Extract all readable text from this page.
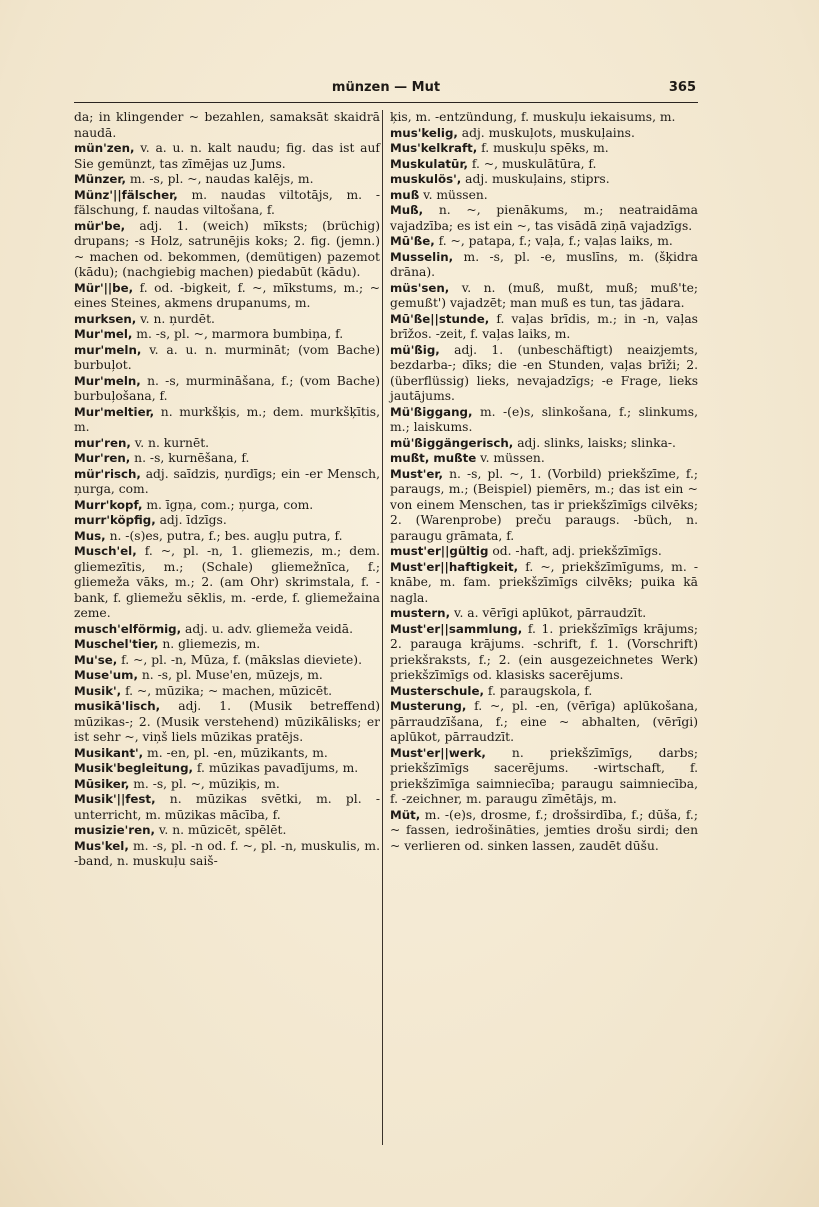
münzen — Mut	365
da; in klingender ~ bezahlen, samaksāt skaidrā naudā.
mün'zen, v. a. u. n. kalt naudu; fig. das ist auf Sie gemünzt, tas zīmējas uz Jums.
Münzer, m. -s, pl. ~, naudas kalējs, m.
Münz'||fälscher, m. naudas viltotājs, m. -fälschung, f. naudas viltošana, f.
mür'be, adj. 1. (weich) mīksts; (brüchig) drupans; -s Holz, satrunējis koks; 2. fig. (jemn.) ~ machen od. bekommen, (demütigen) pazemot (kādu); (nachgiebig machen) piedabūt (kādu).
Mür'||be, f. od. -bigkeit, f. ~, mīkstums, m.; ~ eines Steines, akmens drupanums, m.
murksen, v. n. ņurdēt.
Mur'mel, m. -s, pl. ~, marmora bumbiņa, f.
mur'meln, v. a. u. n. murmināt; (vom Bache) burbuļot.
Mur'meln, n. -s, murmināšana, f.; (vom Bache) burbuļošana, f.
Mur'meltier, n. murkšķis, m.; dem. murkšķītis, m.
mur'ren, v. n. kurnēt.
Mur'ren, n. -s, kurnēšana, f.
mür'risch, adj. saīdzis, ņurdīgs; ein -er Mensch, ņurga, com.
Murr'kopf, m. īgņa, com.; ņurga, com.
murr'köpfig, adj. īdzīgs.
Mus, n. -(s)es, putra, f.; bes. augļu putra, f.
Musch'el, f. ~, pl. -n, 1. gliemezis, m.; dem. gliemezītis, m.; (Schale) gliemežnīca, f.; gliemeža vāks, m.; 2. (am Ohr) skrimstala, f. -bank, f. gliemežu sēklis, m. -erde, f. gliemežaina zeme.
musch'elförmig, adj. u. adv. gliemeža veidā.
Muschel'tier, n. gliemezis, m.
Mu'se, f. ~, pl. -n, Mūza, f. (mākslas dieviete).
Muse'um, n. -s, pl. Muse'en, mūzejs, m.
Musik', f. ~, mūzika; ~ machen, mūzicēt.
musikā'lisch, adj. 1. (Musik betreffend) mūzikas-; 2. (Musik verstehend) mūzikālisks; er ist sehr ~, viņš liels mūzikas pratējs.
Musikant', m. -en, pl. -en, mūzikants, m.
Musik'begleitung, f. mūzikas pavadījums, m.
Mūsiker, m. -s, pl. ~, mūziķis, m.
Musik'||fest, n. mūzikas svētki, m. pl. -unterricht, m. mūzikas mācība, f.
musizie'ren, v. n. mūzicēt, spēlēt.
Mus'kel, m. -s, pl. -n od. f. ~, pl. -n, muskulis, m. -band, n. muskuļu saiš-
ķis, m. -entzündung, f. muskuļu iekaisums, m.
mus'kelig, adj. muskuļots, muskuļains.
Mus'kelkraft, f. muskuļu spēks, m.
Muskulatūr, f. ~, muskulātūra, f.
muskulös', adj. muskuļains, stiprs.
muß v. müssen.
Muß, n. ~, pienākums, m.; neatraidāma vajadzība; es ist ein ~, tas visādā ziņā vajadzīgs.
Mū'ße, f. ~, patapa, f.; vaļa, f.; vaļas laiks, m.
Musselin, m. -s, pl. -e, muslīns, m. (šķidra drāna).
müs'sen, v. n. (muß, mußt, muß; muß'te; gemußt') vajadzēt; man muß es tun, tas jādara.
Mū'ße||stunde, f. vaļas brīdis, m.; in -n, vaļas brīžos. -zeit, f. vaļas laiks, m.
mü'ßig, adj. 1. (unbeschäftigt) neaizjemts, bezdarba-; dīks; die -en Stunden, vaļas brīži; 2. (überflüssig) lieks, nevajadzīgs; -e Frage, lieks jautājums.
Mü'ßiggang, m. -(e)s, slinkošana, f.; slinkums, m.; laiskums.
mü'ßiggängerisch, adj. slinks, laisks; slinka-.
mußt, mußte v. müssen.
Must'er, n. -s, pl. ~, 1. (Vorbild) priekšzīme, f.; paraugs, m.; (Beispiel) piemērs, m.; das ist ein ~ von einem Menschen, tas ir priekšzīmīgs cilvēks; 2. (Warenprobe) preču paraugs. -büch, n. paraugu grāmata, f.
must'er||gültig od. -haft, adj. priekšzīmīgs.
Must'er||haftigkeit, f. ~, priekšzīmīgums, m. -knābe, m. fam. priekšzīmīgs cilvēks; puika kā nagla.
mustern, v. a. vērīgi aplūkot, pārraudzīt.
Must'er||sammlung, f. 1. priekšzīmīgs krājums; 2. parauga krājums. -schrift, f. 1. (Vorschrift) priekšraksts, f.; 2. (ein ausgezeichnetes Werk) priekšzīmīgs od. klasisks sacerējums.
Musterschule, f. paraugskola, f.
Musterung, f. ~, pl. -en, (vērīga) aplūkošana, pārraudzīšana, f.; eine ~ abhalten, (vērīgi) aplūkot, pārraudzīt.
Must'er||werk, n. priekšzīmīgs, darbs; priekšzīmīgs sacerējums. -wirtschaft, f. priekšzīmīga saimniecība; paraugu saimniecība, f. -zeichner, m. paraugu zīmētājs, m.
Müt, m. -(e)s, drosme, f.; drošsirdība, f.; dūša, f.; ~ fassen, iedrošināties, jemties drošu sirdi; den ~ verlieren od. sinken lassen, zaudēt dūšu.
